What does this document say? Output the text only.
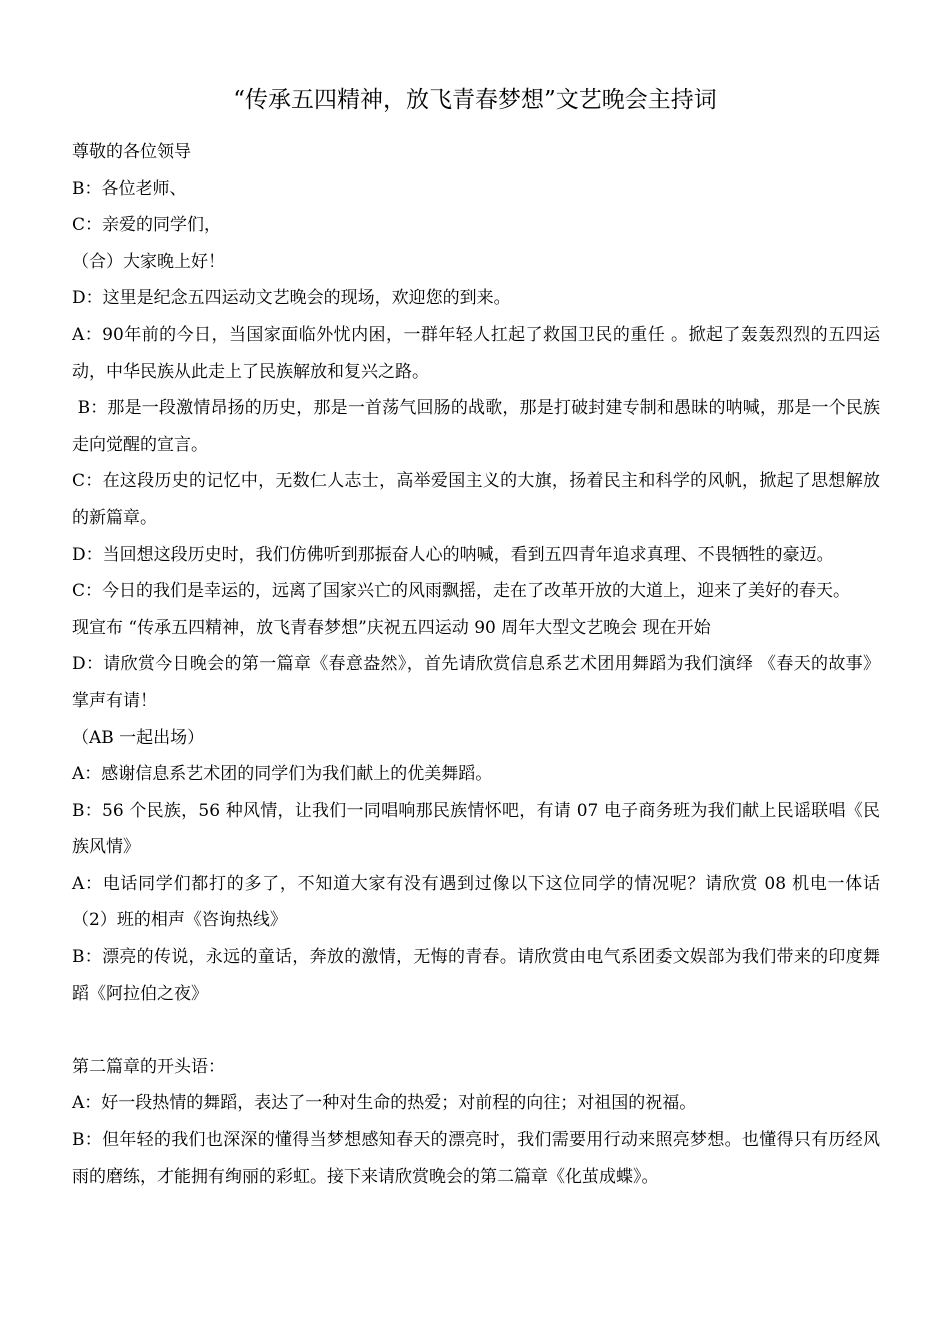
“传承五四精神，放飞青春梦想”文艺晚会主持词

尊敬的各位领导

B：各位老师、

C：亲爱的同学们，

（合）大家晚上好！

D：这里是纪念五四运动文艺晚会的现场，欢迎您的到来。

A：90年前的今日，当国家面临外忧内困，一群年轻人扛起了救国卫民的重任 。掀起了轰轰烈烈的五四运动，中华民族从此走上了民族解放和复兴之路。

B：那是一段激情昂扬的历史，那是一首荡气回肠的战歌，那是打破封建专制和愚昧的呐喊，那是一个民族走向觉醒的宣言。

C：在这段历史的记忆中，无数仁人志士，高举爱国主义的大旗，扬着民主和科学的风帆，掀起了思想解放的新篇章。

D：当回想这段历史时，我们仿佛听到那振奋人心的呐喊，看到五四青年追求真理、不畏牺牲的豪迈。

C：今日的我们是幸运的，远离了国家兴亡的风雨飘摇，走在了改革开放的大道上，迎来了美好的春天。

现宣布 “传承五四精神，放飞青春梦想”庆祝五四运动 90 周年大型文艺晚会 现在开始

D：请欣赏今日晚会的第一篇章《春意盎然》，首先请欣赏信息系艺术团用舞蹈为我们演绎 《春天的故事》掌声有请！

（AB 一起出场）

A：感谢信息系艺术团的同学们为我们献上的优美舞蹈。

B：56 个民族，56 种风情，让我们一同唱响那民族情怀吧，有请 07 电子商务班为我们献上民谣联唱《民族风情》

A：电话同学们都打的多了，不知道大家有没有遇到过像以下这位同学的情况呢？请欣赏 08 机电一体话（2）班的相声《咨询热线》

B：漂亮的传说，永远的童话，奔放的激情，无悔的青春。请欣赏由电气系团委文娱部为我们带来的印度舞蹈《阿拉伯之夜》

第二篇章的开头语：

A：好一段热情的舞蹈，表达了一种对生命的热爱；对前程的向往；对祖国的祝福。

B：但年轻的我们也深深的懂得当梦想感知春天的漂亮时，我们需要用行动来照亮梦想。也懂得只有历经风雨的磨练，才能拥有绚丽的彩虹。接下来请欣赏晚会的第二篇章《化茧成蝶》。
